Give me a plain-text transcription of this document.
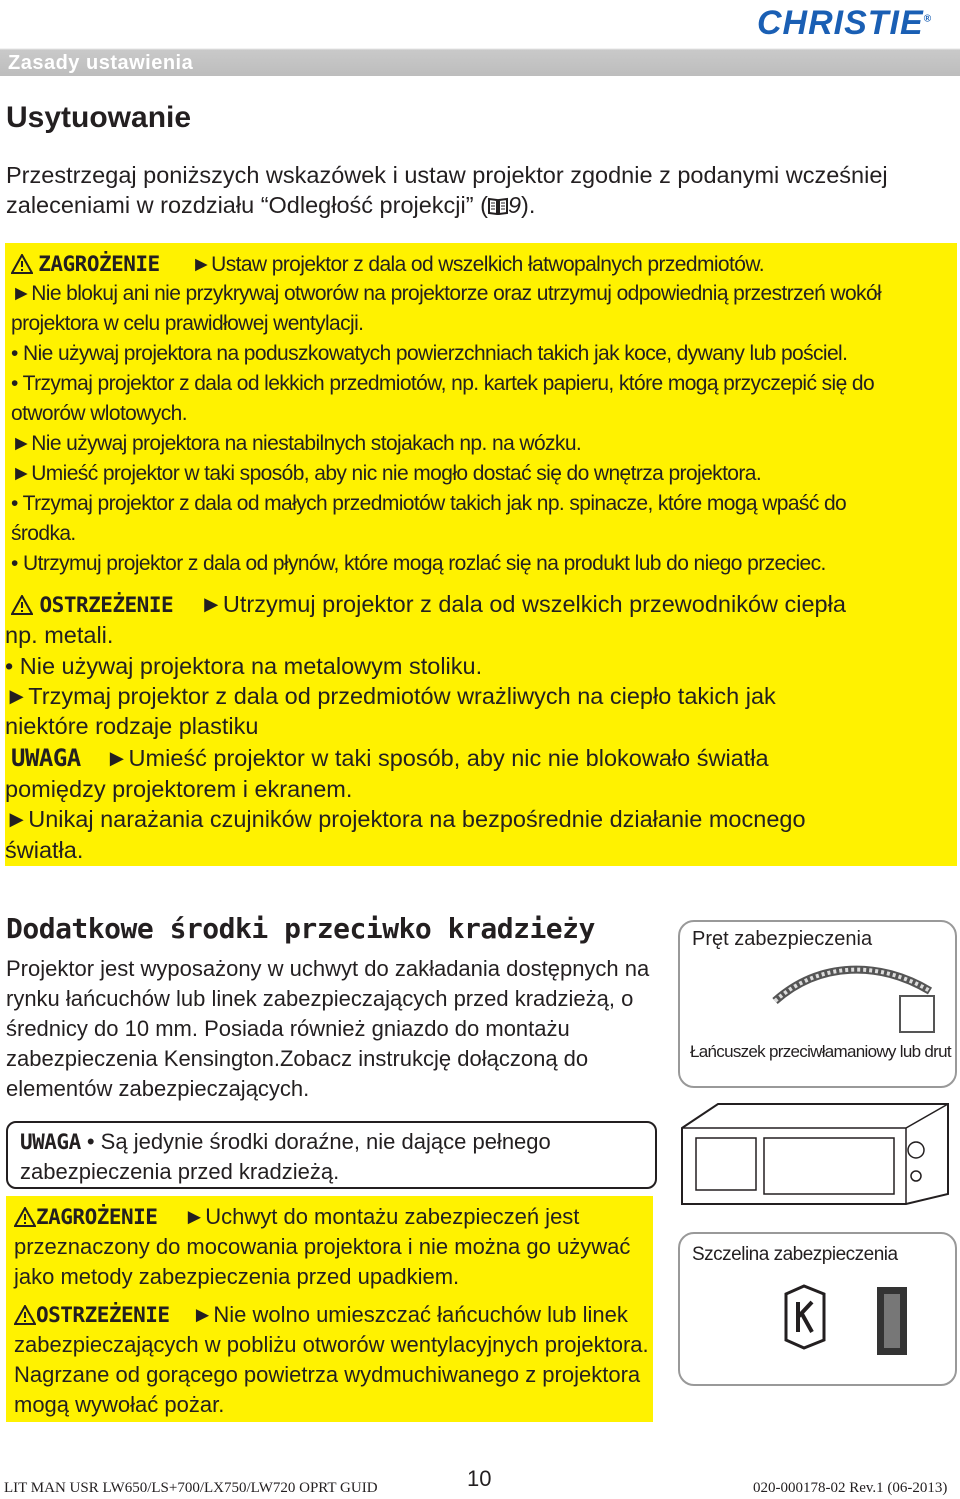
CHRISTIE®
Zasady ustawienia
Usytuowanie
Przestrzegaj poniższych wskazówek i ustaw projektor zgodnie z podanymi wcześniej zaleceniami w rozdziału “Odległość projekcji” ( 9).
ZAGROŻENIE ►Ustaw projektor z dala od wszelkich łatwopalnych przedmiotów.
►Nie blokuj ani nie przykrywaj otworów na projektorze oraz utrzymuj odpowiednią przestrzeń wokół
projektora w celu prawidłowej wentylacji.
• Nie używaj projektora na poduszkowatych powierzchniach takich jak koce, dywany lub pościel.
• Trzymaj projektor z dala od lekkich przedmiotów, np. kartek papieru, które mogą przyczepić się do
otworów wlotowych.
►Nie używaj projektora na niestabilnych stojakach np. na wózku.
►Umieść projektor w taki sposób, aby nic nie mogło dostać się do wnętrza projektora.
• Trzymaj projektor z dala od małych przedmiotów takich jak np. spinacze, które mogą wpaść do
środka.
• Utrzymuj projektor z dala od płynów, które mogą rozlać się na produkt lub do niego przeciec.
OSTRZEŻENIE ►Utrzymuj projektor z dala od wszelkich przewodników ciepła
np. metali.
• Nie używaj projektora na metalowym stoliku.
►Trzymaj projektor z dala od przedmiotów wrażliwych na ciepło takich jak
niektóre rodzaje plastiku
UWAGA ►Umieść projektor w taki sposób, aby nic nie blokowało światła
pomiędzy projektorem i ekranem.
►Unikaj narażania czujników projektora na bezpośrednie działanie mocnego
światła.
Dodatkowe środki przeciwko kradzieży
Projektor jest wyposażony w uchwyt do zakładania dostępnych na rynku łańcuchów lub linek zabezpieczających przed kradzieżą, o średnicy do 10 mm. Posiada również gniazdo do montażu zabezpieczenia Kensington.Zobacz instrukcję dołączoną do elementów zabezpieczających.
UWAGA • Są jedynie środki doraźne, nie dające pełnego zabezpieczenia przed kradzieżą.
ZAGROŻENIE ►Uchwyt do montażu zabezpieczeń jest przeznaczony do mocowania projektora i nie można go używać jako metody zabezpieczenia przed upadkiem.
OSTRZEŻENIE ►Nie wolno umieszczać łańcuchów lub linek zabezpieczających w pobliżu otworów wentylacyjnych projektora. Nagrzane od gorącego powietrza wydmuchiwanego z projektora mogą wywołać pożar.
Pręt zabezpieczenia
Łańcuszek przeciwłamaniowy lub drut
Szczelina zabezpieczenia
LIT MAN USR LW650/LS+700/LX750/LW720 OPRT GUID	10	020-000178-02 Rev.1 (06-2013)
